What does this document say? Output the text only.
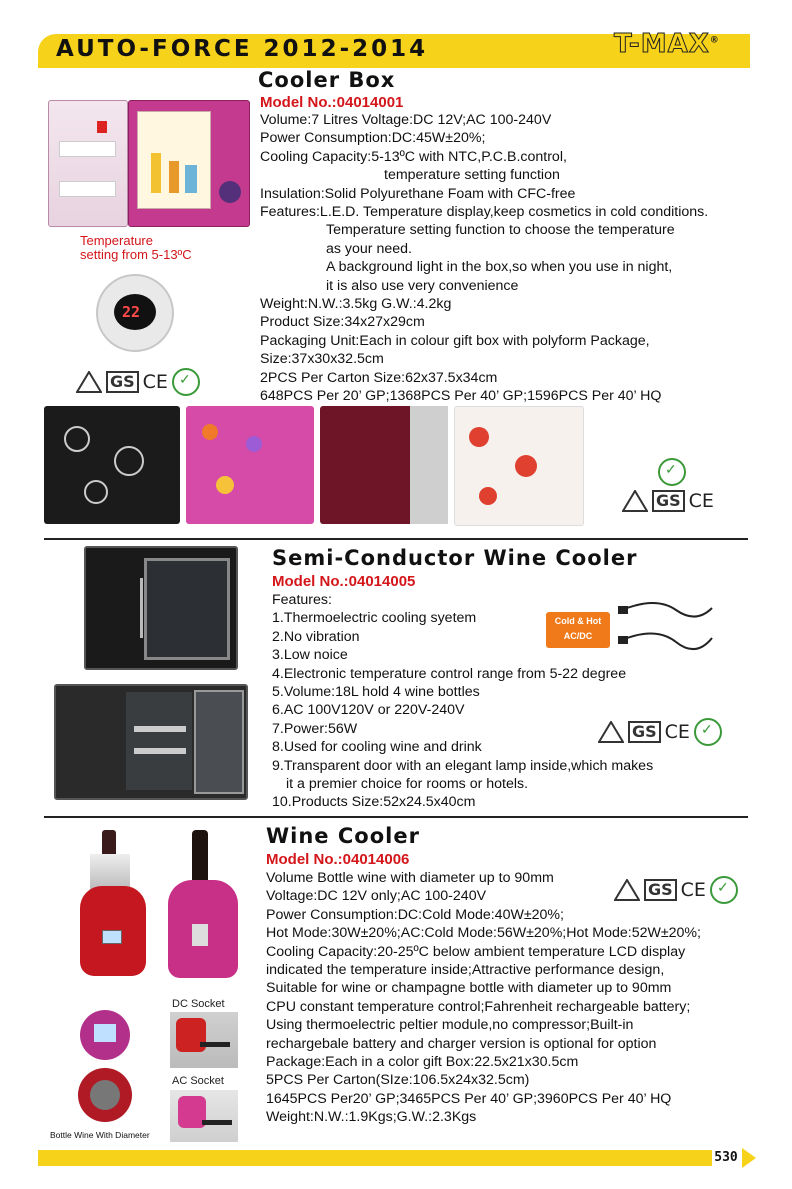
AUTO-FORCE 2012-2014	T-MAX®
Cooler Box
Model No.:04014001
Volume:7 Litres Voltage:DC 12V;AC 100-240V
Power Consumption:DC:45W±20%;
Cooling Capacity:5-13ºC with NTC,P.C.B.control,
temperature setting function
Insulation:Solid Polyurethane Foam with CFC-free
Features:L.E.D. Temperature display,keep cosmetics in cold conditions.
Temperature setting function to choose the temperature
as your need.
A background light in the box,so when you use in night,
it is also use very convenience
Weight:N.W.:3.5kg G.W.:4.2kg
Product Size:34x27x29cm
Packaging Unit:Each in colour gift box with polyform Package,
Size:37x30x32.5cm
2PCS Per Carton Size:62x37.5x34cm
648PCS Per 20’ GP;1368PCS Per 40’ GP;1596PCS Per 40’ HQ
Temperature
setting from 5-13ºC
22
GS CE
✓
✓
GS CE
Semi-Conductor Wine Cooler
Model No.:04014005
Features:
1.Thermoelectric cooling syetem
2.No vibration
3.Low noice
4.Electronic temperature control range from 5-22 degree
5.Volume:18L hold 4 wine bottles
6.AC 100V120V or 220V-240V
7.Power:56W
8.Used for cooling wine and drink
9.Transparent door with an elegant lamp inside,which makes
it a premier choice for rooms or hotels.
10.Products Size:52x24.5x40cm
Cold & Hot
AC/DC
GS CE
✓
Wine Cooler
Model No.:04014006
Volume Bottle wine with diameter up to 90mm
Voltage:DC 12V only;AC 100-240V
Power Consumption:DC:Cold Mode:40W±20%;
Hot Mode:30W±20%;AC:Cold Mode:56W±20%;Hot Mode:52W±20%;
Cooling Capacity:20-25ºC below ambient temperature LCD display
indicated the temperature inside;Attractive performance design,
Suitable for wine or champagne bottle with diameter up to 90mm
CPU constant temperature control;Fahrenheit rechargeable battery;
Using thermoelectric peltier module,no compressor;Built-in
rechargebale battery and charger version is optional for option
Package:Each in a color gift Box:22.5x21x30.5cm
5PCS Per Carton(SIze:106.5x24x32.5cm)
1645PCS Per20’ GP;3465PCS Per 40’ GP;3960PCS Per 40’ HQ
Weight:N.W.:1.9Kgs;G.W.:2.3Kgs
GS CE
✓
DC Socket
AC Socket
Bottle Wine With Diameter
530
